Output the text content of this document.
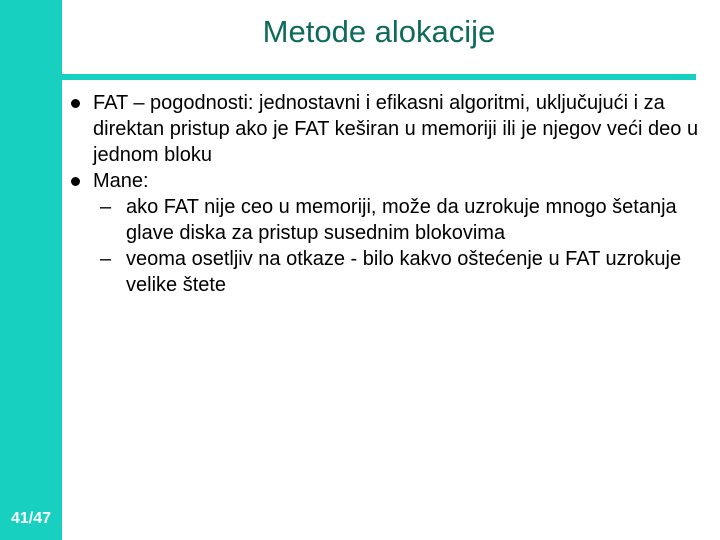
Metode alokacije
41/47
FAT – pogodnosti: jednostavni i efikasni algoritmi, uključujući i za direktan pristup ako je FAT keširan u memoriji ili je njegov veći deo u jednom bloku
Mane:
– ako FAT nije ceo u memoriji, može da uzrokuje mnogo šetanja glave diska za pristup susednim blokovima
– veoma osetljiv na otkaze - bilo kakvo oštećenje u FAT uzrokuje velike štete
